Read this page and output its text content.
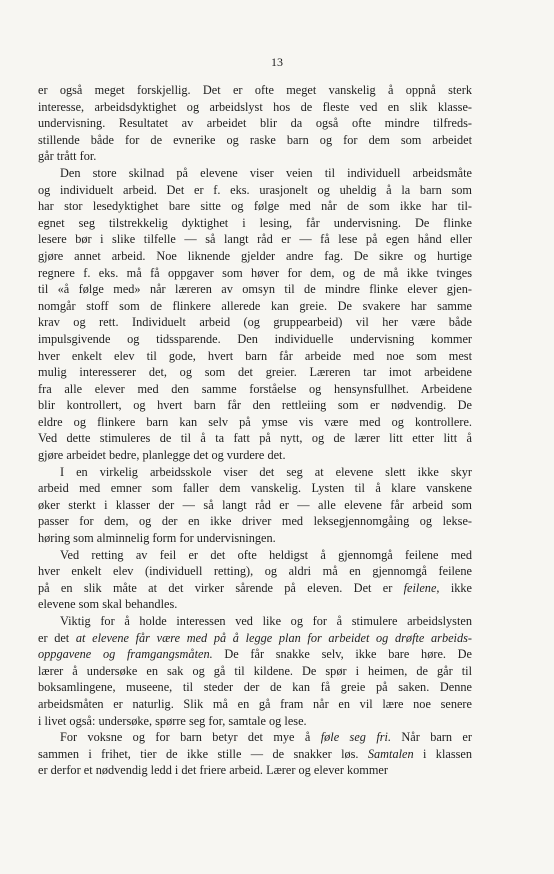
13
er også meget forskjellig. Det er ofte meget vanskelig å oppnå sterk
interesse, arbeidsdyktighet og arbeidslyst hos de fleste ved en slik klasse-
undervisning. Resultatet av arbeidet blir da også ofte mindre tilfreds-
stillende både for de evnerike og raske barn og for dem som arbeidet
går trått for.
Den store skilnad på elevene viser veien til individuell arbeidsmåte
og individuelt arbeid. Det er f. eks. urasjonelt og uheldig å la barn som
har stor lesedyktighet bare sitte og følge med når de som ikke har til-
egnet seg tilstrekkelig dyktighet i lesing, får undervisning. De flinke
lesere bør i slike tilfelle — så langt råd er — få lese på egen hånd eller
gjøre annet arbeid. Noe liknende gjelder andre fag. De sikre og hurtige
regnere f. eks. må få oppgaver som høver for dem, og de må ikke tvinges
til «å følge med» når læreren av omsyn til de mindre flinke elever gjen-
nomgår stoff som de flinkere allerede kan greie. De svakere har samme
krav og rett. Individuelt arbeid (og gruppearbeid) vil her være både
impulsgivende og tidssparende. Den individuelle undervisning kommer
hver enkelt elev til gode, hvert barn får arbeide med noe som mest
mulig interesserer det, og som det greier. Læreren tar imot arbeidene
fra alle elever med den samme forståelse og hensynsfullhet. Arbeidene
blir kontrollert, og hvert barn får den rettleiing som er nødvendig. De
eldre og flinkere barn kan selv på ymse vis være med og kontrollere.
Ved dette stimuleres de til å ta fatt på nytt, og de lærer litt etter litt å
gjøre arbeidet bedre, planlegge det og vurdere det.
I en virkelig arbeidsskole viser det seg at elevene slett ikke skyr
arbeid med emner som faller dem vanskelig. Lysten til å klare vanskene
øker sterkt i klasser der — så langt råd er — alle elevene får arbeid som
passer for dem, og der en ikke driver med leksegjennomgåing og lekse-
høring som alminnelig form for undervisningen.
Ved retting av feil er det ofte heldigst å gjennomgå feilene med
hver enkelt elev (individuell retting), og aldri må en gjennomgå feilene
på en slik måte at det virker sårende på eleven. Det er feilene, ikke
elevene som skal behandles.
Viktig for å holde interessen ved like og for å stimulere arbeidslysten
er det at elevene får være med på å legge plan for arbeidet og drøfte arbeids-
oppgavene og framgangsmåten. De får snakke selv, ikke bare høre. De
lærer å undersøke en sak og gå til kildene. De spør i heimen, de går til
boksamlingene, museene, til steder der de kan få greie på saken. Denne
arbeidsmåten er naturlig. Slik må en gå fram når en vil lære noe senere
i livet også: undersøke, spørre seg for, samtale og lese.
For voksne og for barn betyr det mye å føle seg fri. Når barn er
sammen i frihet, tier de ikke stille — de snakker løs. Samtalen i klassen
er derfor et nødvendig ledd i det friere arbeid. Lærer og elever kommer
